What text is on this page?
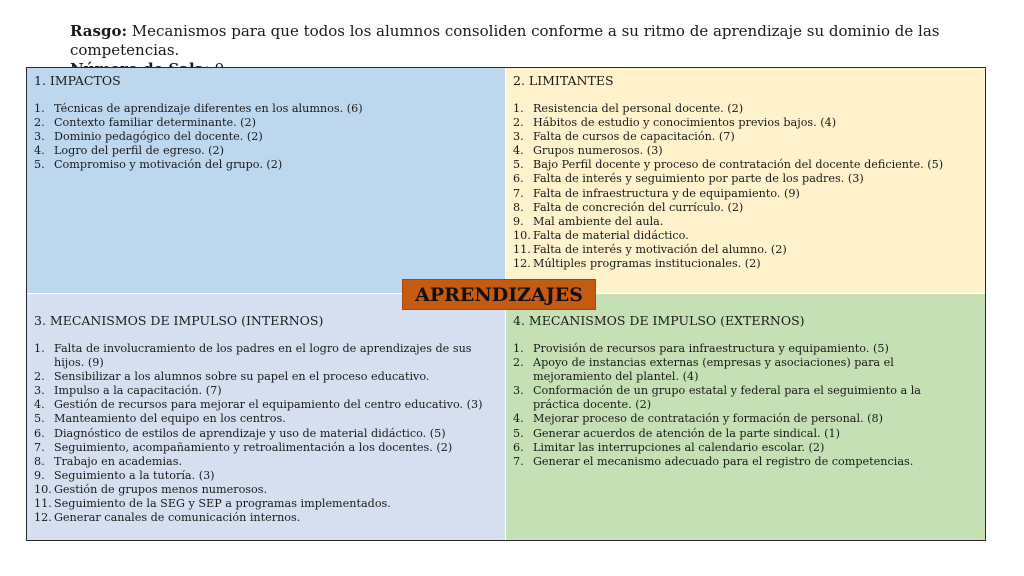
Rasgo: Mecanismos para que todos los alumnos consoliden conforme a su ritmo de aprendizaje su dominio de las competencias.
1. IMPACTOS
1. Técnicas de aprendizaje diferentes en los alumnos. (6)
2. Contexto familiar determinante. (2)
3. Dominio pedagógico del docente. (2)
4. Logro del perfil de egreso. (2)
5. Compromiso y motivación del grupo. (2)
2. LIMITANTES
1. Resistencia del personal docente. (2)
2. Hábitos de estudio y conocimientos previos bajos. (4)
3. Falta de cursos de capacitación. (7)
4. Grupos numerosos. (3)
5. Bajo Perfil docente y proceso de contratación del docente deficiente. (5)
6. Falta de interés y seguimiento por parte de los padres. (3)
7. Falta de infraestructura y de equipamiento. (9)
8. Falta de concreción del currículo. (2)
9. Mal ambiente del aula.
10. Falta de material didáctico.
11. Falta de interés y motivación del alumno. (2)
12. Múltiples programas institucionales. (2)
3. MECANISMOS DE IMPULSO (INTERNOS)
1. Falta de involucramiento de los padres en el logro de aprendizajes de sus hijos. (9)
2. Sensibilizar a los alumnos sobre su papel en el proceso educativo.
3. Impulso a la capacitación. (7)
4. Gestión de recursos para mejorar el equipamiento del centro educativo. (3)
5. Manteamiento del equipo en los centros.
6. Diagnóstico de estilos de aprendizaje y uso de material didáctico. (5)
7. Seguimiento, acompañamiento y retroalimentación a los docentes. (2)
8. Trabajo en academias.
9. Seguimiento a la tutoría. (3)
10. Gestión de grupos menos numerosos.
11. Seguimiento de la SEG y SEP a programas implementados.
12. Generar canales de comunicación internos.
4. MECANISMOS DE IMPULSO (EXTERNOS)
1. Provisión de recursos para infraestructura y equipamiento. (5)
2. Apoyo de instancias externas (empresas y asociaciones) para el mejoramiento del plantel. (4)
3. Conformación de un grupo estatal y federal para el seguimiento a la práctica docente. (2)
4. Mejorar proceso de contratación y formación de personal. (8)
5. Generar acuerdos de atención de la parte sindical. (1)
6. Limitar las interrupciones al calendario escolar. (2)
7. Generar el mecanismo adecuado para el registro de competencias.
APRENDIZAJES
